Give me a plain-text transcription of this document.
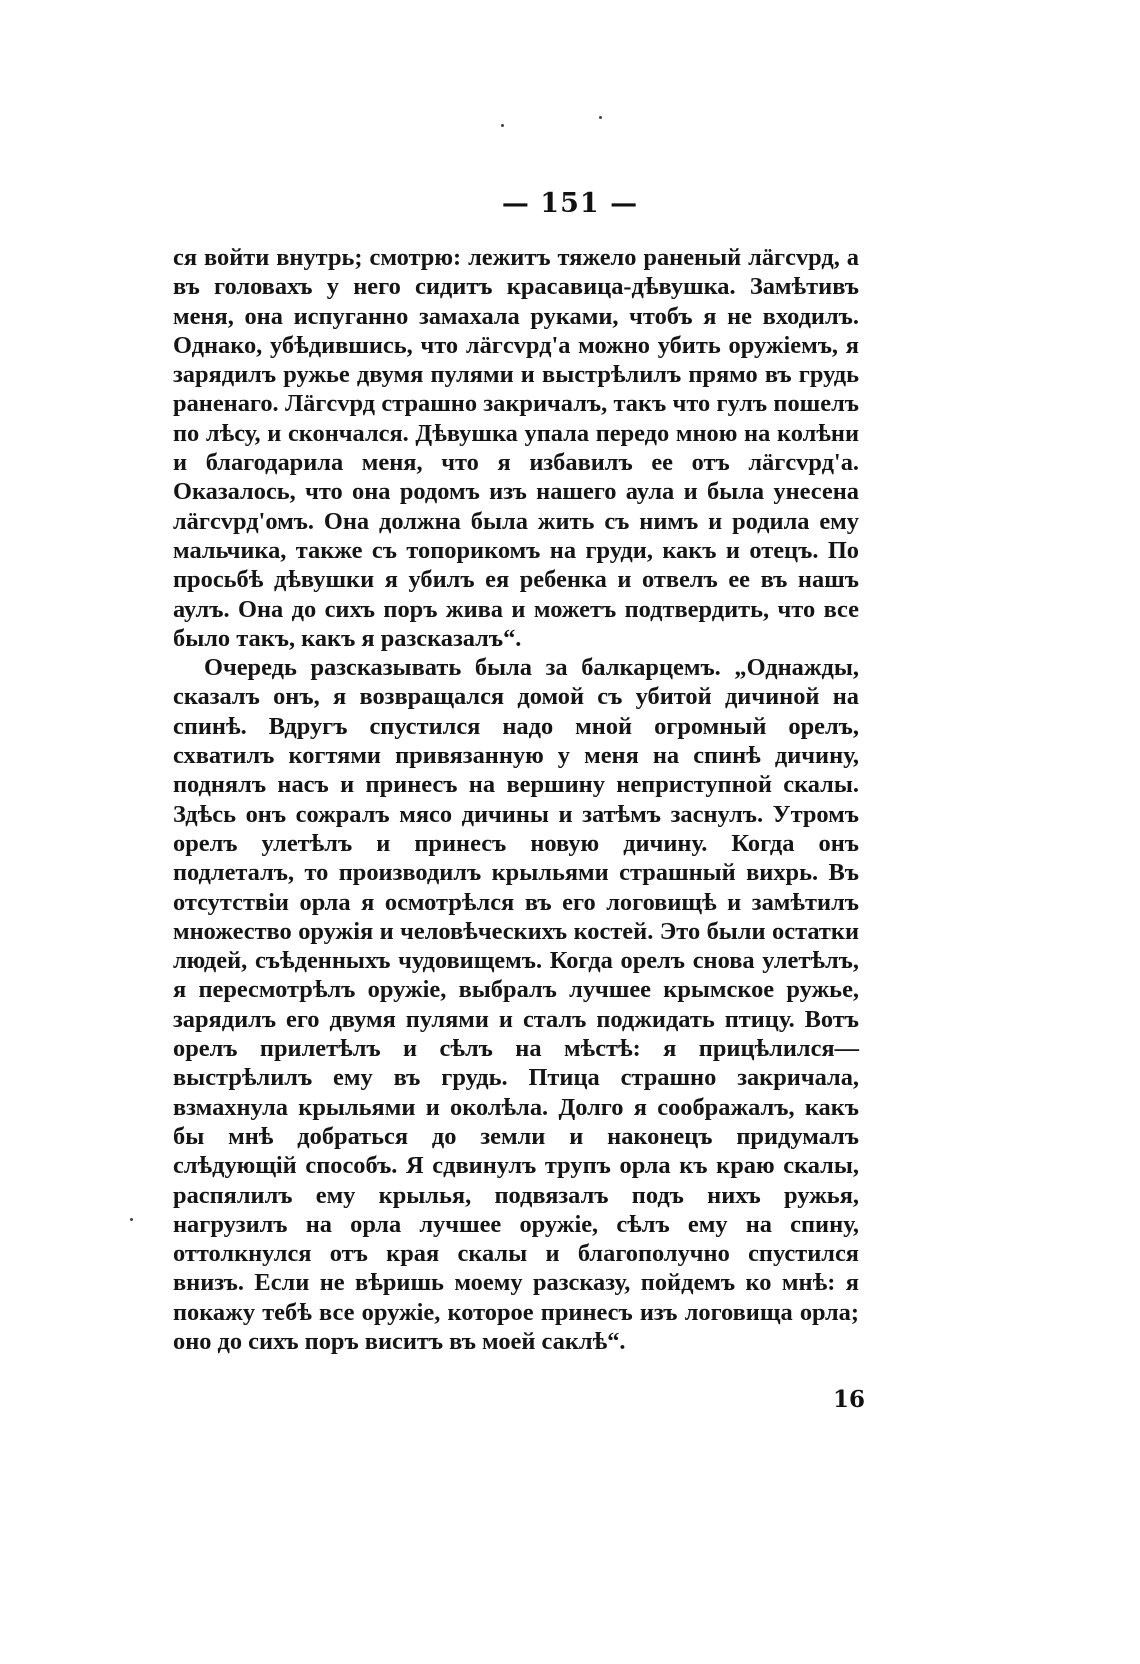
— 151 —

ся войти внутрь; смотрю: лежитъ тяжело раненый лäгсvрд, а въ головахъ у него сидитъ красавица-дѣвушка. Замѣтивъ меня, она испуганно замахала руками, чтобъ я не входилъ. Однако, убѣдившись, что лäгсvрд'а можно убить оружіемъ, я зарядилъ ружье двумя пулями и выстрѣлилъ прямо въ грудь раненаго. Лäгсvрд страшно закричалъ, такъ что гулъ пошелъ по лѣсу, и скончался. Дѣвушка упала передо мною на колѣни и благодарила меня, что я избавилъ ее отъ лäгсvрд'а. Оказалось, что она родомъ изъ нашего аула и была унесена лäгсvрд'омъ. Она должна была жить съ нимъ и родила ему мальчика, также съ топорикомъ на груди, какъ и отецъ. По просьбѣ дѣвушки я убилъ ея ребенка и отвелъ ее въ нашъ аулъ. Она до сихъ поръ жива и можетъ подтвердить, что все было такъ, какъ я разсказалъ“.

Очередь разсказывать была за балкарцемъ. „Однажды, сказалъ онъ, я возвращался домой съ убитой дичиной на спинѣ. Вдругъ спустился надо мной огромный орелъ, схватилъ когтями привязанную у меня на спинѣ дичину, поднялъ насъ и принесъ на вершину неприступной скалы. Здѣсь онъ сожралъ мясо дичины и затѣмъ заснулъ. Утромъ орелъ улетѣлъ и принесъ новую дичину. Когда онъ подлеталъ, то производилъ крыльями страшный вихрь. Въ отсутствіи орла я осмотрѣлся въ его логовищѣ и замѣтилъ множество оружія и человѣческихъ костей. Это были остатки людей, съѣденныхъ чудовищемъ. Когда орелъ снова улетѣлъ, я пересмотрѣлъ оружіе, выбралъ лучшее крымское ружье, зарядилъ его двумя пулями и сталъ поджидать птицу. Вотъ орелъ прилетѣлъ и сѣлъ на мѣстѣ: я прицѣлился—выстрѣлилъ ему въ грудь. Птица страшно закричала, взмахнула крыльями и околѣла. Долго я соображалъ, какъ бы мнѣ добраться до земли и наконецъ придумалъ слѣдующій способъ. Я сдвинулъ трупъ орла къ краю скалы, распялилъ ему крылья, подвязалъ подъ нихъ ружья, нагрузилъ на орла лучшее оружіе, сѣлъ ему на спину, оттолкнулся отъ края скалы и благополучно спустился внизъ. Если не вѣришь моему разсказу, пойдемъ ко мнѣ: я покажу тебѣ все оружіе, которое принесъ изъ логовища орла; оно до сихъ поръ виситъ въ моей саклѣ“.

16
